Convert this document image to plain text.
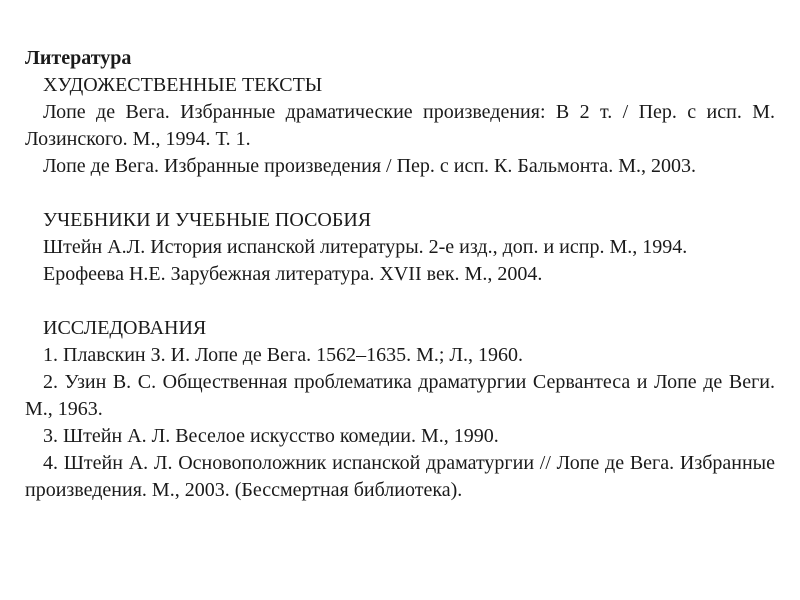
Литература

ХУДОЖЕСТВЕННЫЕ ТЕКСТЫ

Лопе де Вега. Избранные драматические произведения: В 2 т. / Пер. с исп. М. Лозинского. М., 1994. Т. 1.

Лопе де Вега. Избранные произведения / Пер. с исп. К. Бальмонта. М., 2003.

УЧЕБНИКИ И УЧЕБНЫЕ ПОСОБИЯ

Штейн А.Л. История испанской литературы. 2-е изд., доп. и испр. М., 1994.

Ерофеева Н.Е. Зарубежная литература. XVII век. М., 2004.

ИССЛЕДОВАНИЯ

1. Плавскин З. И. Лопе де Вега. 1562–1635. М.; Л., 1960.

2. Узин В. С. Общественная проблематика драматургии Сервантеса и Лопе де Веги. М., 1963.

3. Штейн А. Л. Веселое искусство комедии. М., 1990.

4. Штейн А. Л. Основоположник испанской драматургии // Лопе де Вега. Избранные произведения. М., 2003. (Бессмертная библиотека).
